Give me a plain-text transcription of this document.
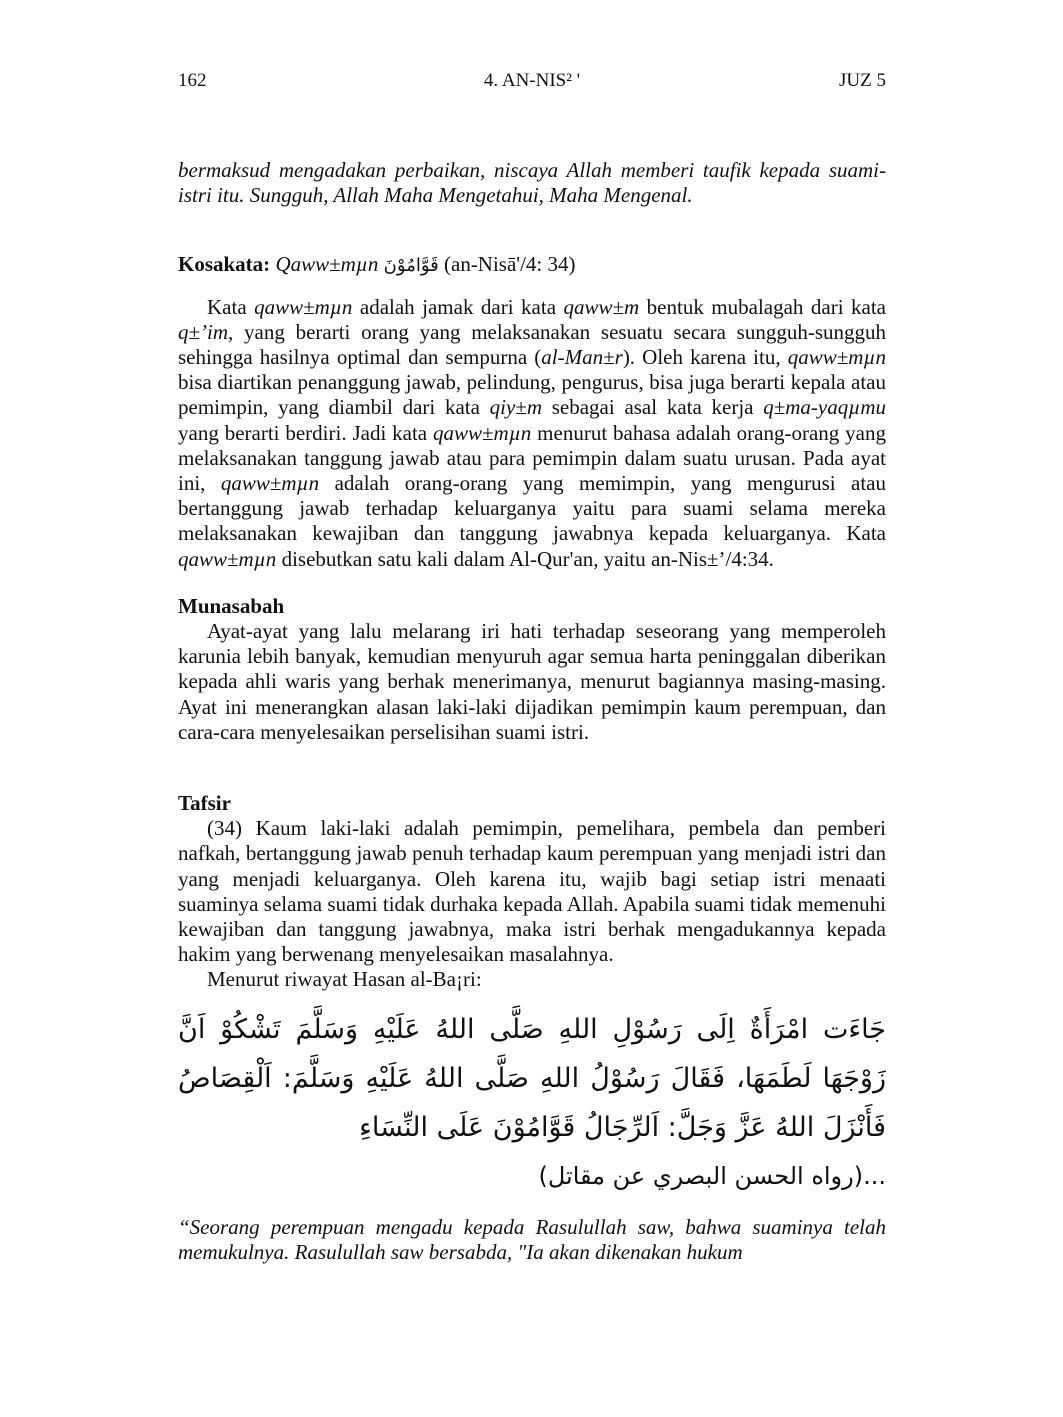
162	4. AN-NIS² '	JUZ 5

bermaksud mengadakan perbaikan, niscaya Allah memberi taufik kepada suami-istri itu. Sungguh, Allah Maha Mengetahui, Maha Mengenal.

Kosakata: Qaww±mµn قَوَّامُوْنَ (an-Nisā'/4: 34)

Kata qaww±mµn adalah jamak dari kata qaww±m bentuk mubalagah dari kata q±’im, yang berarti orang yang melaksanakan sesuatu secara sungguh-sungguh sehingga hasilnya optimal dan sempurna (al-Man±r). Oleh karena itu, qaww±mµn bisa diartikan penanggung jawab, pelindung, pengurus, bisa juga berarti kepala atau pemimpin, yang diambil dari kata qiy±m sebagai asal kata kerja q±ma-yaqµmu yang berarti berdiri. Jadi kata qaww±mµn menurut bahasa adalah orang-orang yang melaksanakan tanggung jawab atau para pemimpin dalam suatu urusan. Pada ayat ini, qaww±mµn adalah orang-orang yang memimpin, yang mengurusi atau bertanggung jawab terhadap keluarganya yaitu para suami selama mereka melaksanakan kewajiban dan tanggung jawabnya kepada keluarganya. Kata qaww±mµn disebutkan satu kali dalam Al-Qur'an, yaitu an-Nis±’/4:34.

Munasabah

Ayat-ayat yang lalu melarang iri hati terhadap seseorang yang memperoleh karunia lebih banyak, kemudian menyuruh agar semua harta peninggalan diberikan kepada ahli waris yang berhak menerimanya, menurut bagiannya masing-masing. Ayat ini menerangkan alasan laki-laki dijadikan pemimpin kaum perempuan, dan cara-cara menyelesaikan perselisihan suami istri.

Tafsir

(34) Kaum laki-laki adalah pemimpin, pemelihara, pembela dan pemberi nafkah, bertanggung jawab penuh terhadap kaum perempuan yang menjadi istri dan yang menjadi keluarganya. Oleh karena itu, wajib bagi setiap istri menaati suaminya selama suami tidak durhaka kepada Allah. Apabila suami tidak memenuhi kewajiban dan tanggung jawabnya, maka istri berhak mengadukannya kepada hakim yang berwenang menyelesaikan masalahnya.

Menurut riwayat Hasan al-Ba¡ri:

جَاءَت امْرَأَةٌ اِلَى رَسُوْلِ اللهِ صَلَّى اللهُ عَلَيْهِ وَسَلَّمَ تَشْكُوْ اَنَّ زَوْجَهَا لَطَمَهَا، فَقَالَ رَسُوْلُ اللهِ صَلَّى اللهُ عَلَيْهِ وَسَلَّمَ: اَلْقِصَاصُ فَأَنْزَلَ اللهُ عَزَّ وَجَلَّ: اَلرِّجَالُ قَوَّامُوْنَ عَلَى النِّسَاءِ
...(رواه الحسن البصري عن مقاتل)

“Seorang perempuan mengadu kepada Rasulullah saw, bahwa suaminya telah memukulnya. Rasulullah saw bersabda, "Ia akan dikenakan hukum
